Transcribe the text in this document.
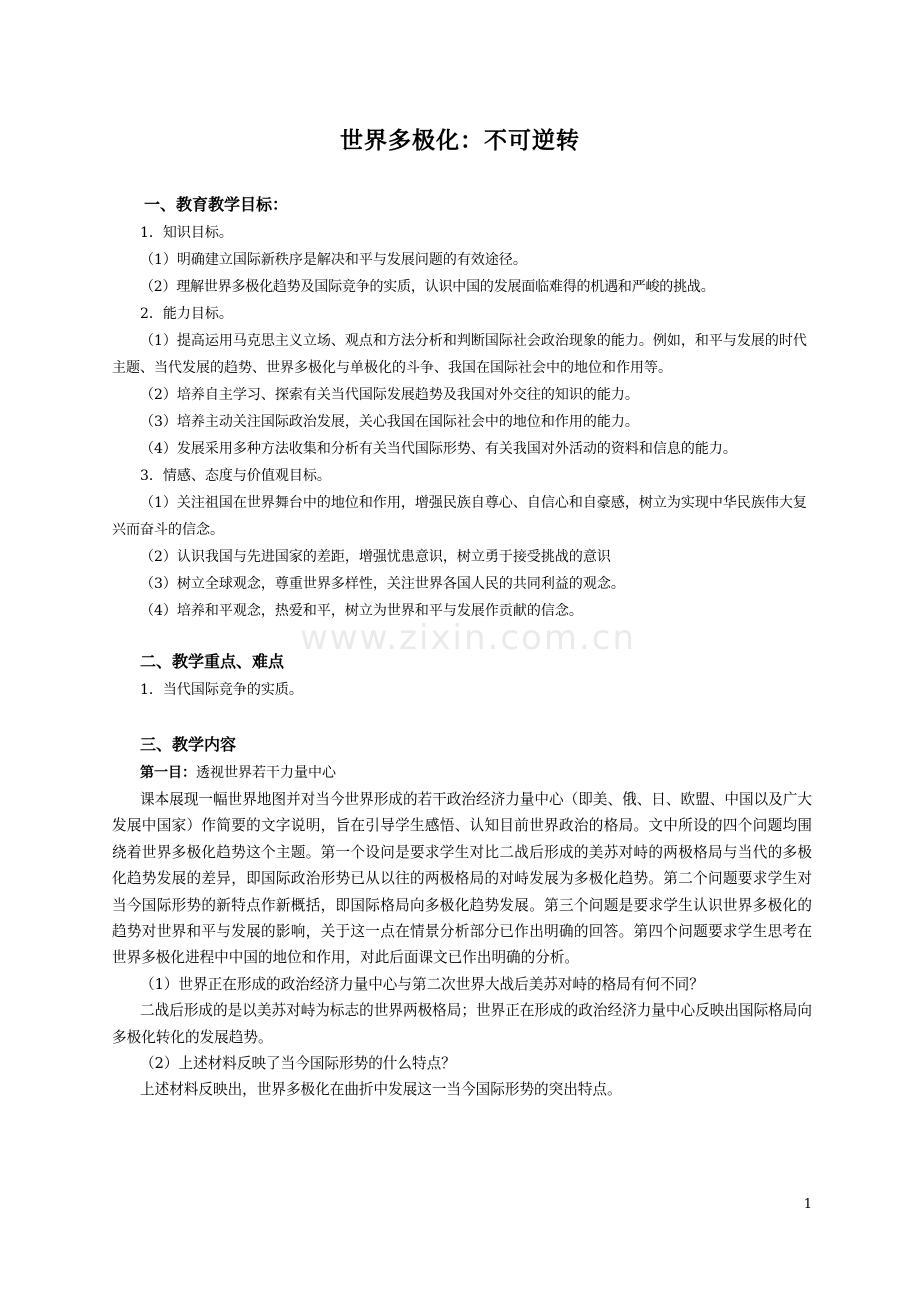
世界多极化：不可逆转

一、教育教学目标：

1．知识目标。

（1）明确建立国际新秩序是解决和平与发展问题的有效途径。

（2）理解世界多极化趋势及国际竞争的实质，认识中国的发展面临难得的机遇和严峻的挑战。

2．能力目标。

（1）提高运用马克思主义立场、观点和方法分析和判断国际社会政治现象的能力。例如，和平与发展的时代主题、当代发展的趋势、世界多极化与单极化的斗争、我国在国际社会中的地位和作用等。

（2）培养自主学习、探索有关当代国际发展趋势及我国对外交往的知识的能力。

（3）培养主动关注国际政治发展，关心我国在国际社会中的地位和作用的能力。

（4）发展采用多种方法收集和分析有关当代国际形势、有关我国对外活动的资料和信息的能力。

3．情感、态度与价值观目标。

（1）关注祖国在世界舞台中的地位和作用，增强民族自尊心、自信心和自豪感，树立为实现中华民族伟大复兴而奋斗的信念。

（2）认识我国与先进国家的差距，增强忧患意识，树立勇于接受挑战的意识

（3）树立全球观念，尊重世界多样性，关注世界各国人民的共同利益的观念。

（4）培养和平观念，热爱和平，树立为世界和平与发展作贡献的信念。

二、教学重点、难点

1．当代国际竞争的实质。

三、教学内容

第一目：透视世界若干力量中心

课本展现一幅世界地图并对当今世界形成的若干政治经济力量中心（即美、俄、日、欧盟、中国以及广大发展中国家）作简要的文字说明，旨在引导学生感悟、认知目前世界政治的格局。文中所设的四个问题均围绕着世界多极化趋势这个主题。第一个设问是要求学生对比二战后形成的美苏对峙的两极格局与当代的多极化趋势发展的差异，即国际政治形势已从以往的两极格局的对峙发展为多极化趋势。第二个问题要求学生对当今国际形势的新特点作新概括，即国际格局向多极化趋势发展。第三个问题是要求学生认识世界多极化的趋势对世界和平与发展的影响，关于这一点在情景分析部分已作出明确的回答。第四个问题要求学生思考在世界多极化进程中中国的地位和作用，对此后面课文已作出明确的分析。

（1）世界正在形成的政治经济力量中心与第二次世界大战后美苏对峙的格局有何不同？

二战后形成的是以美苏对峙为标志的世界两极格局；世界正在形成的政治经济力量中心反映出国际格局向多极化转化的发展趋势。

（2）上述材料反映了当今国际形势的什么特点？

上述材料反映出，世界多极化在曲折中发展这一当今国际形势的突出特点。

www.zixin.com.cn
1
